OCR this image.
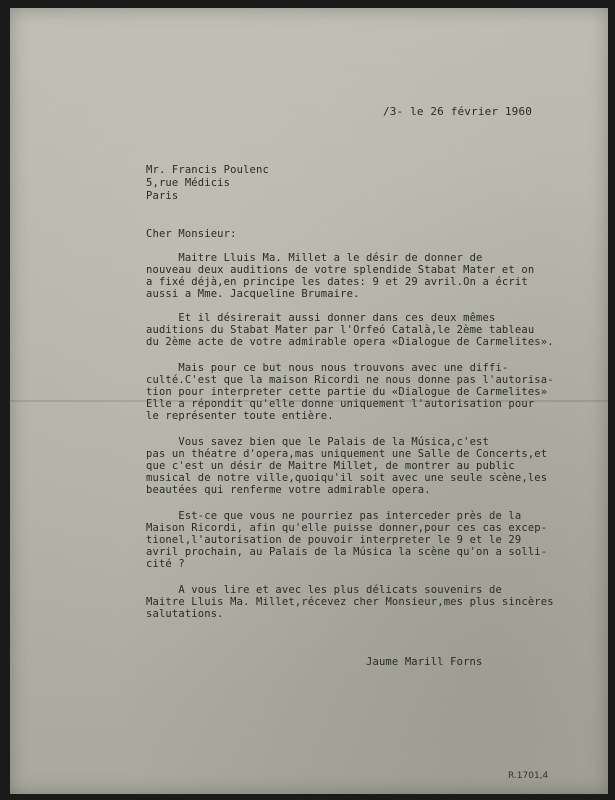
/3- le 26 février 1960
Mr. Francis Poulenc
5,rue Médicis
Paris
Cher Monsieur:
Maitre Lluis Ma. Millet a le désir de donner de
nouveau deux auditions de votre splendide Stabat Mater et on
a fixé déjà,en principe les dates: 9 et 29 avril.On a écrit
aussi a Mme. Jacqueline Brumaire.
Et il désirerait aussi donner dans ces deux mêmes
auditions du Stabat Mater par l'Orfeó Català,le 2ème tableau
du 2ème acte de votre admirable opera «Dialogue de Carmelites».
Mais pour ce but nous nous trouvons avec une diffi-
culté.C'est que la maison Ricordi ne nous donne pas l'autorisa-
tion pour interpreter cette partie du «Dialogue de Carmelites»
Elle a répondit qu'elle donne uniquement l'autorisation pour
le représenter toute entière.
Vous savez bien que le Palais de la Música,c'est
pas un théatre d'opera,mas uniquement une Salle de Concerts,et
que c'est un désir de Maitre Millet, de montrer au public
musical de notre ville,quoiqu'il soit avec une seule scène,les
beautées qui renferme votre admirable opera.
Est-ce que vous ne pourriez pas interceder près de la
Maison Ricordi, afin qu'elle puisse donner,pour ces cas excep-
tionel,l'autorisation de pouvoir interpreter le 9 et le 29
avril prochain, au Palais de la Música la scène qu'on a solli-
cité ?
A vous lire et avec les plus délicats souvenirs de
Maitre Lluis Ma. Millet,récevez cher Monsieur,mes plus sincères
salutations.
Jaume Marill Forns
R.1701,4
